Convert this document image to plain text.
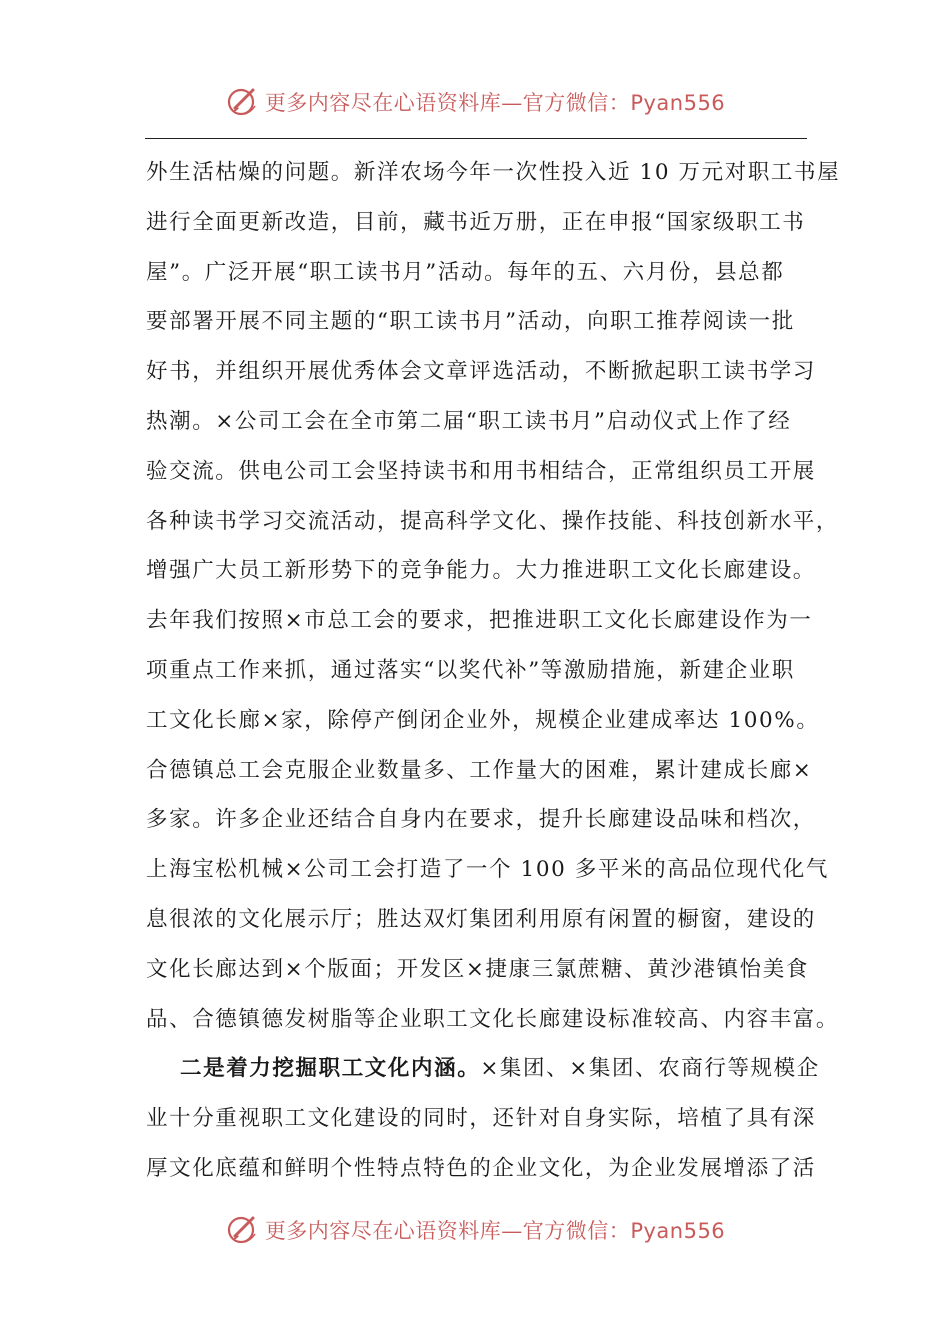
更多内容尽在心语资料库—官方微信：Pyan556

外生活枯燥的问题。新洋农场今年一次性投入近 10 万元对职工书屋
进行全面更新改造，目前，藏书近万册，正在申报“国家级职工书
屋”。广泛开展“职工读书月”活动。每年的五、六月份，县总都
要部署开展不同主题的“职工读书月”活动，向职工推荐阅读一批
好书，并组织开展优秀体会文章评选活动，不断掀起职工读书学习
热潮。×公司工会在全市第二届“职工读书月”启动仪式上作了经
验交流。供电公司工会坚持读书和用书相结合，正常组织员工开展
各种读书学习交流活动，提高科学文化、操作技能、科技创新水平，
增强广大员工新形势下的竞争能力。大力推进职工文化长廊建设。
去年我们按照×市总工会的要求，把推进职工文化长廊建设作为一
项重点工作来抓，通过落实“以奖代补”等激励措施，新建企业职
工文化长廊×家，除停产倒闭企业外，规模企业建成率达 100%。
合德镇总工会克服企业数量多、工作量大的困难，累计建成长廊×
多家。许多企业还结合自身内在要求，提升长廊建设品味和档次，
上海宝松机械×公司工会打造了一个 100 多平米的高品位现代化气
息很浓的文化展示厅；胜达双灯集团利用原有闲置的橱窗，建设的
文化长廊达到×个版面；开发区×捷康三氯蔗糖、黄沙港镇怡美食
品、合德镇德发树脂等企业职工文化长廊建设标准较高、内容丰富。

二是着力挖掘职工文化内涵。×集团、×集团、农商行等规模企
业十分重视职工文化建设的同时，还针对自身实际，培植了具有深
厚文化底蕴和鲜明个性特点特色的企业文化，为企业发展增添了活

更多内容尽在心语资料库—官方微信：Pyan556
